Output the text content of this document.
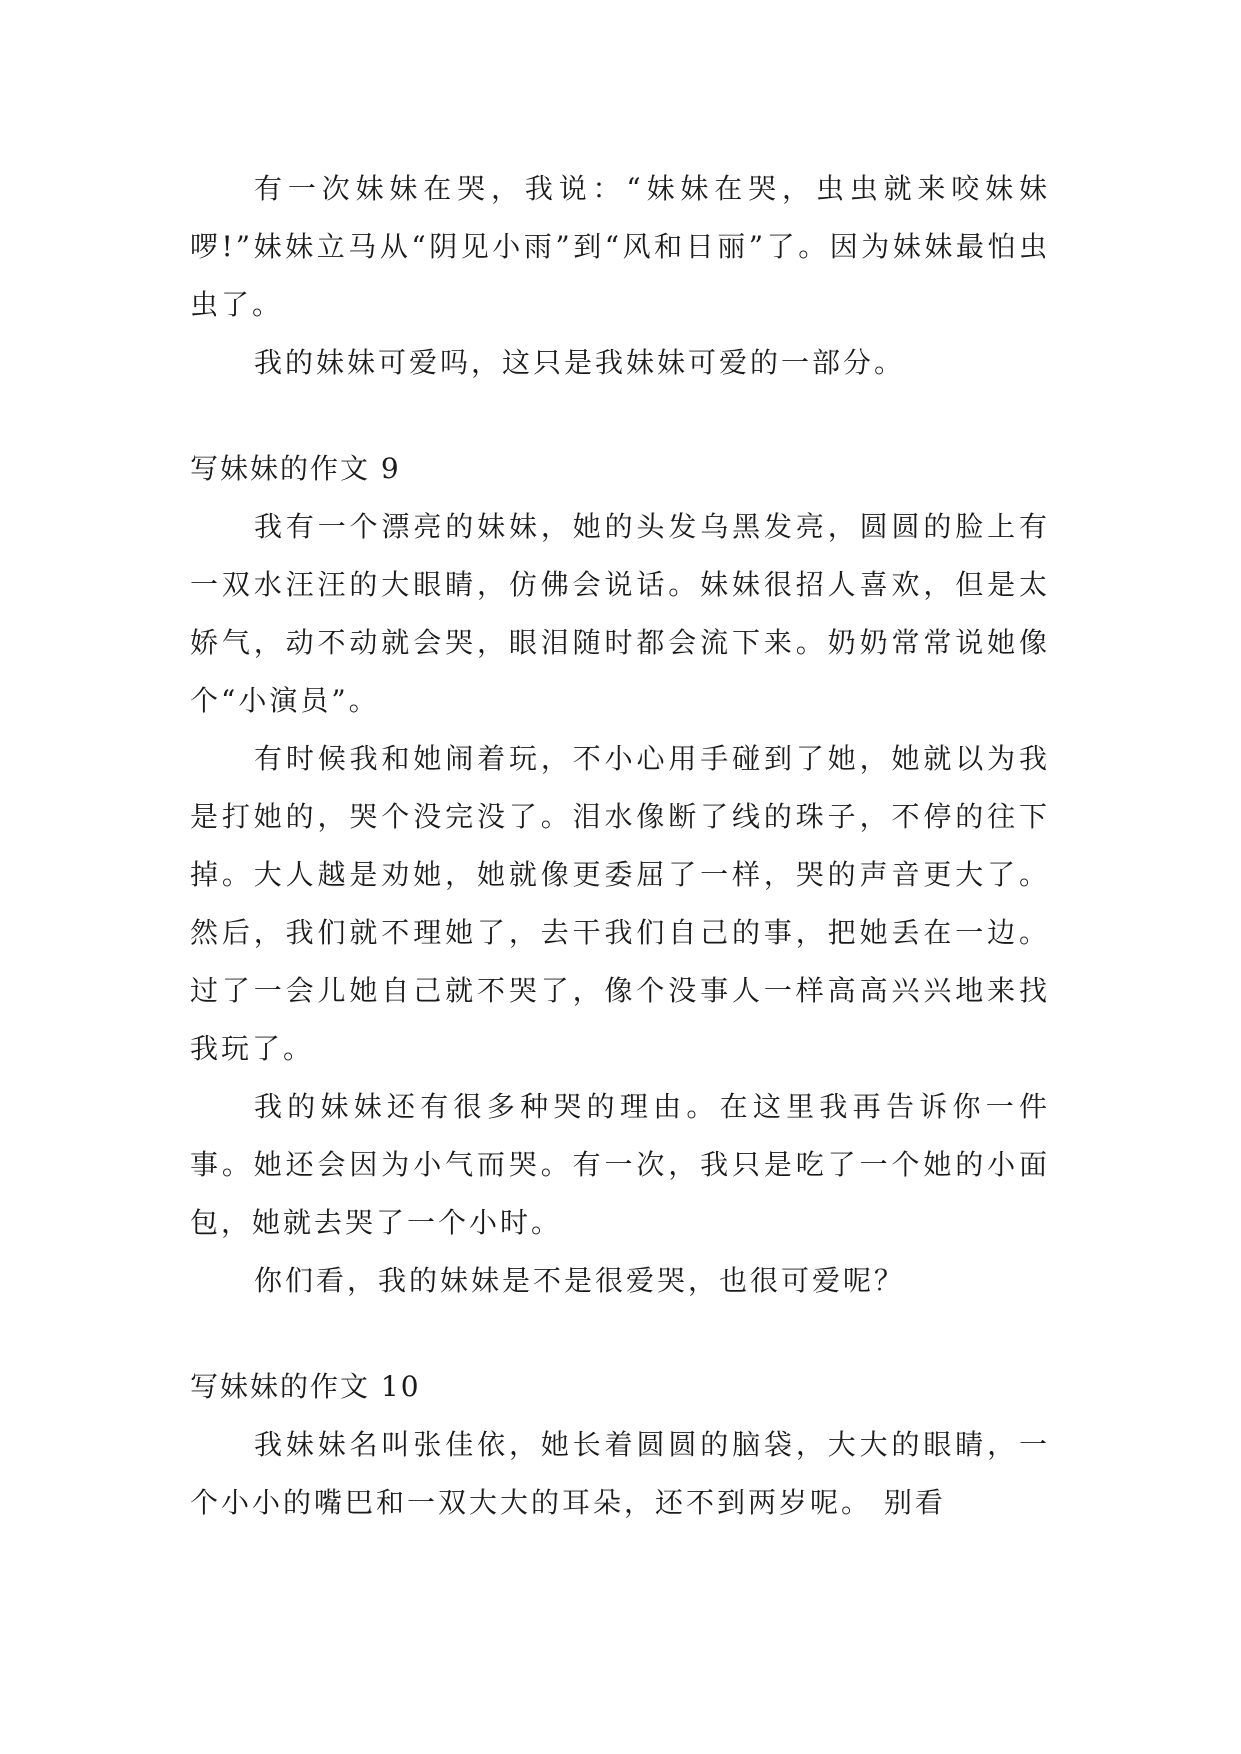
有一次妹妹在哭，我说：“妹妹在哭，虫虫就来咬妹妹啰!”妹妹立马从“阴见小雨”到“风和日丽”了。因为妹妹最怕虫虫了。

我的妹妹可爱吗，这只是我妹妹可爱的一部分。

写妹妹的作文 9

我有一个漂亮的妹妹，她的头发乌黑发亮，圆圆的脸上有一双水汪汪的大眼睛，仿佛会说话。妹妹很招人喜欢，但是太娇气，动不动就会哭，眼泪随时都会流下来。奶奶常常说她像个“小演员”。

有时候我和她闹着玩，不小心用手碰到了她，她就以为我是打她的，哭个没完没了。泪水像断了线的珠子，不停的往下掉。大人越是劝她，她就像更委屈了一样，哭的声音更大了。然后，我们就不理她了，去干我们自己的事，把她丢在一边。过了一会儿她自己就不哭了，像个没事人一样高高兴兴地来找我玩了。

我的妹妹还有很多种哭的理由。在这里我再告诉你一件事。她还会因为小气而哭。有一次，我只是吃了一个她的小面包，她就去哭了一个小时。

你们看，我的妹妹是不是很爱哭，也很可爱呢？

写妹妹的作文 10

我妹妹名叫张佳依，她长着圆圆的脑袋，大大的眼睛，一个小小的嘴巴和一双大大的耳朵，还不到两岁呢。 别看
